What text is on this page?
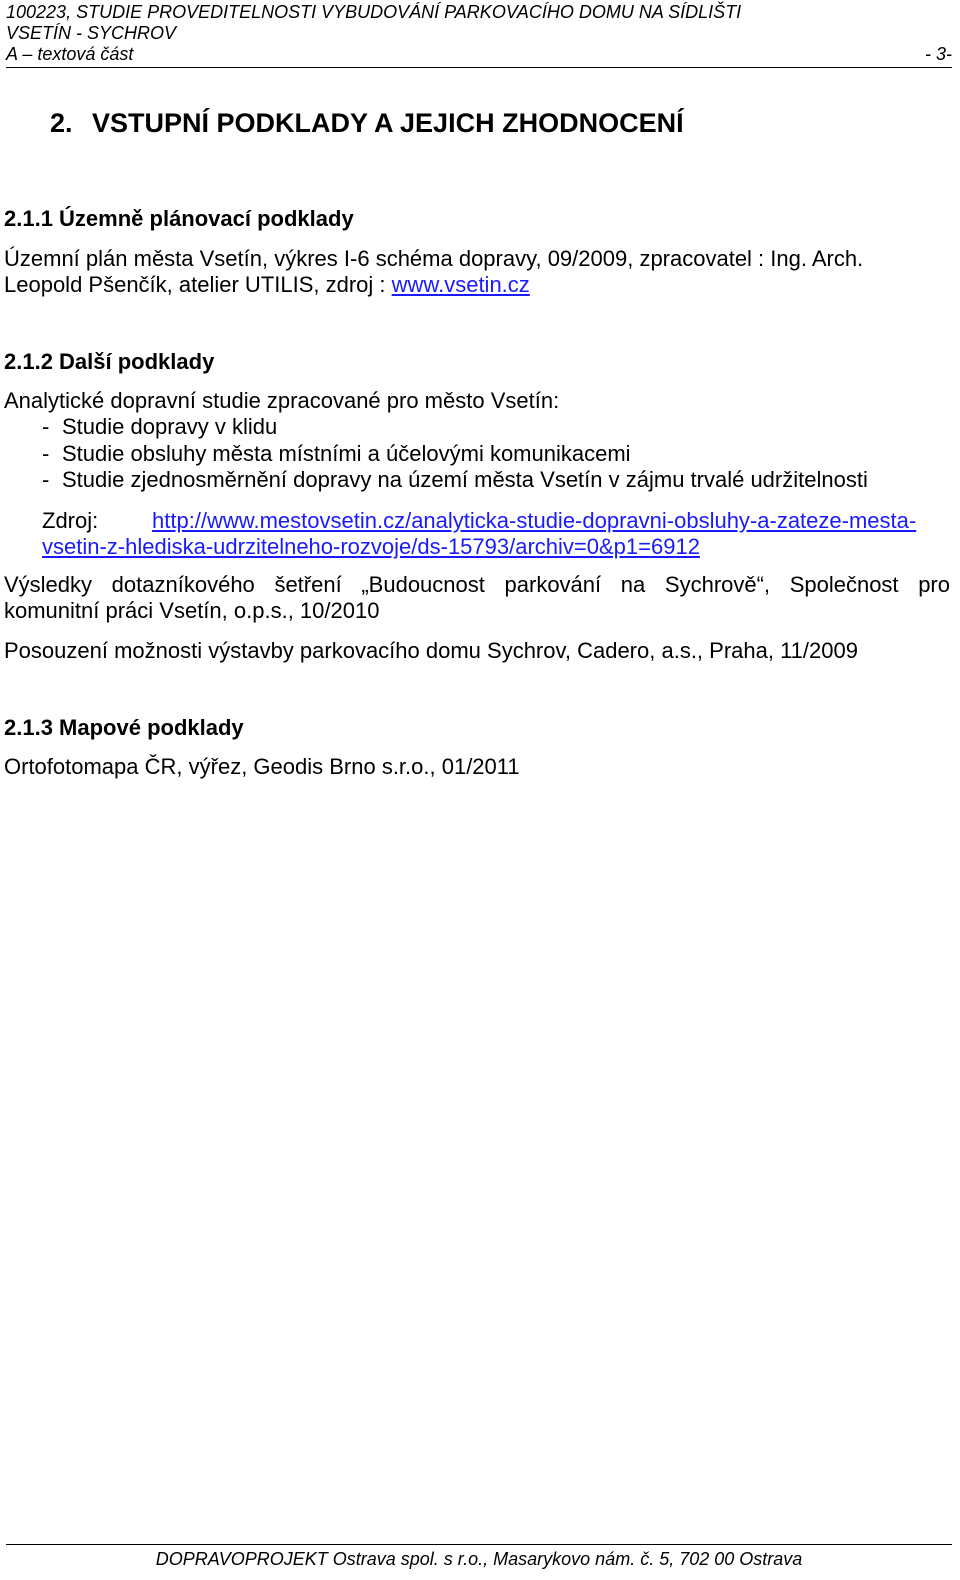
100223, STUDIE PROVEDITELNOSTI VYBUDOVÁNÍ PARKOVACÍHO DOMU NA SÍDLIŠTI
VSETÍN - SYCHROV
A – textová část	- 3-
2. VSTUPNÍ PODKLADY A JEJICH ZHODNOCENÍ
2.1.1 Územně plánovací podklady
Územní plán města Vsetín, výkres I-6 schéma dopravy, 09/2009, zpracovatel : Ing. Arch.
Leopold Pšenčík, atelier UTILIS, zdroj : www.vsetin.cz
2.1.2 Další podklady
Analytické dopravní studie zpracované pro město Vsetín:
- Studie dopravy v klidu
- Studie obsluhy města místními a účelovými komunikacemi
- Studie zjednosměrnění dopravy na území města Vsetín v zájmu trvalé udržitelnosti
Zdroj: http://www.mestovsetin.cz/analyticka-studie-dopravni-obsluhy-a-zateze-mesta-
vsetin-z-hlediska-udrzitelneho-rozvoje/ds-15793/archiv=0&p1=6912
Výsledky dotazníkového šetření „Budoucnost parkování na Sychrově“, Společnost pro
komunitní práci Vsetín, o.p.s., 10/2010
Posouzení možnosti výstavby parkovacího domu Sychrov, Cadero, a.s., Praha, 11/2009
2.1.3 Mapové podklady
Ortofotomapa ČR, výřez, Geodis Brno s.r.o., 01/2011
DOPRAVOPROJEKT Ostrava spol. s r.o., Masarykovo nám. č. 5, 702 00 Ostrava
